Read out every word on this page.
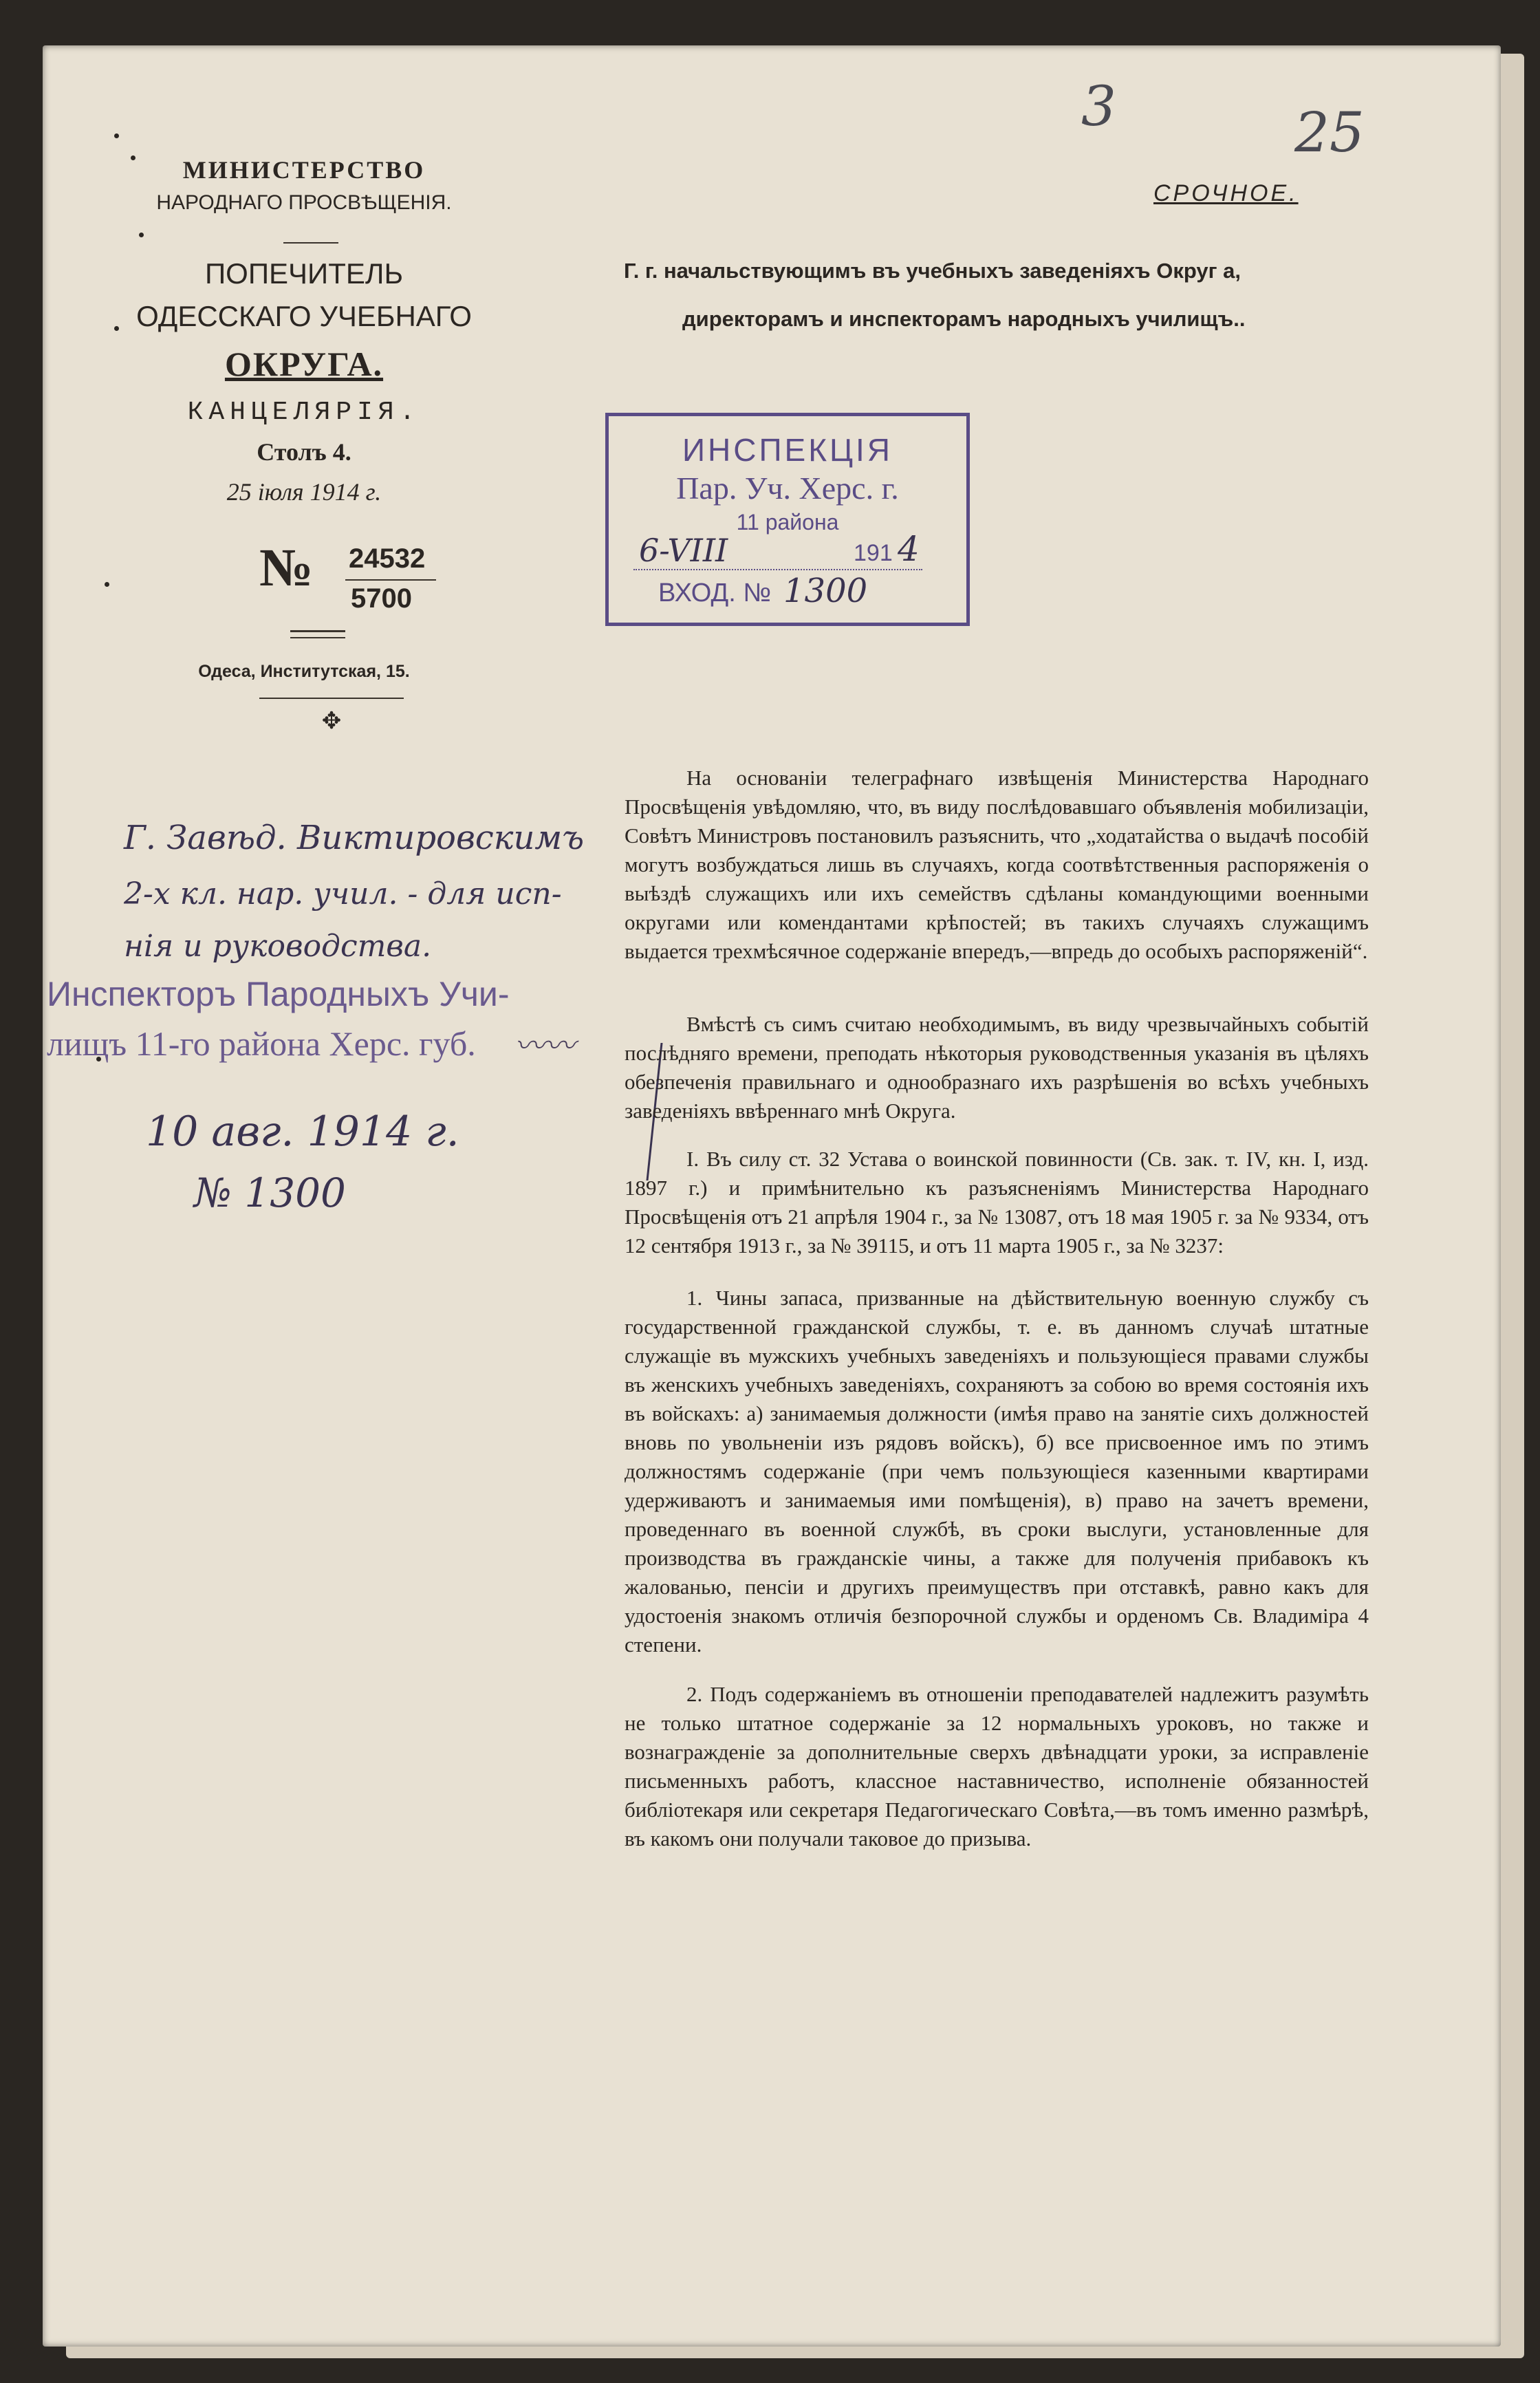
3	25
МИНИСТЕРСТВО
НАРОДНАГО ПРОСВѢЩЕНІЯ.
ПОПЕЧИТЕЛЬ
ОДЕССКАГО УЧЕБНАГО
ОКРУГА.
КАНЦЕЛЯРІЯ.
Столъ 4.
25 іюля 1914 г.
№ 24532
5700
Одеса, Институтская, 15.
✥
СРОЧНОЕ.
Г. г. начальствующимъ въ учебныхъ заведеніяхъ Округ а,
директорамъ и инспекторамъ народныхъ училищъ..
ИНСПЕКЦІЯ
Пар. Уч. Херс. г.
11 района
6-VIII	191 4
ВХОД. № 1300
Г. Завѣд. Виктировскимъ
2-х кл. нар. учил. - для исп-
нія и руководства.
Инспекторъ Пародныхъ Учи-
лищъ 11-го района Херс. губ. 〰〰
10 авг. 1914 г.
№ 1300

На основаніи телеграфнаго извѣщенія Министерства Народнаго Просвѣщенія увѣдомляю, что, въ виду послѣдовавшаго объявленія мобилизаціи, Совѣтъ Министровъ постановилъ разъяснить, что „ходатайства о выдачѣ пособій могутъ возбуждаться лишь въ случаяхъ, когда соотвѣтственныя распоряженія о выѣздѣ служащихъ или ихъ семействъ сдѣланы командующими военными округами или комендантами крѣпостей; въ такихъ случаяхъ служащимъ выдается трехмѣсячное содержаніе впередъ,—впредь до особыхъ распоряженій“.

Вмѣстѣ съ симъ считаю необходимымъ, въ виду чрезвычайныхъ событій послѣдняго времени, преподать нѣкоторыя руководственныя указанія въ цѣляхъ обезпеченія правильнаго и однообразнаго ихъ разрѣшенія во всѣхъ учебныхъ заведеніяхъ ввѣреннаго мнѣ Округа.

I. Въ силу ст. 32 Устава о воинской повинности (Св. зак. т. IV, кн. I, изд. 1897 г.) и примѣнительно къ разъясненіямъ Министерства Народнаго Просвѣщенія отъ 21 апрѣля 1904 г., за № 13087, отъ 18 мая 1905 г. за № 9334, отъ 12 сентября 1913 г., за № 39115, и отъ 11 марта 1905 г., за № 3237:

1. Чины запаса, призванные на дѣйствительную военную службу съ государственной гражданской службы, т. е. въ данномъ случаѣ штатные служащіе въ мужскихъ учебныхъ заведеніяхъ и пользующіеся правами службы въ женскихъ учебныхъ заведеніяхъ, сохраняютъ за собою во время состоянія ихъ въ войскахъ: а) занимаемыя должности (имѣя право на занятіе сихъ должностей вновь по увольненіи изъ рядовъ войскъ), б) все присвоенное имъ по этимъ должностямъ содержаніе (при чемъ пользующіеся казенными квартирами удерживаютъ и занимаемыя ими помѣщенія), в) право на зачетъ времени, проведеннаго въ военной службѣ, въ сроки выслуги, установленные для производства въ гражданскіе чины, а также для полученія прибавокъ къ жалованью, пенсіи и другихъ преимуществъ при отставкѣ, равно какъ для удостоенія знакомъ отличія безпорочной службы и орденомъ Св. Владиміра 4 степени.

2. Подъ содержаніемъ въ отношеніи преподавателей надлежитъ разумѣть не только штатное содержаніе за 12 нормальныхъ уроковъ, но также и вознагражденіе за дополнительные сверхъ двѣнадцати уроки, за исправленіе письменныхъ работъ, классное наставничество, исполненіе обязанностей библіотекаря или секретаря Педагогическаго Совѣта,—въ томъ именно размѣрѣ, въ какомъ они получали таковое до призыва.
